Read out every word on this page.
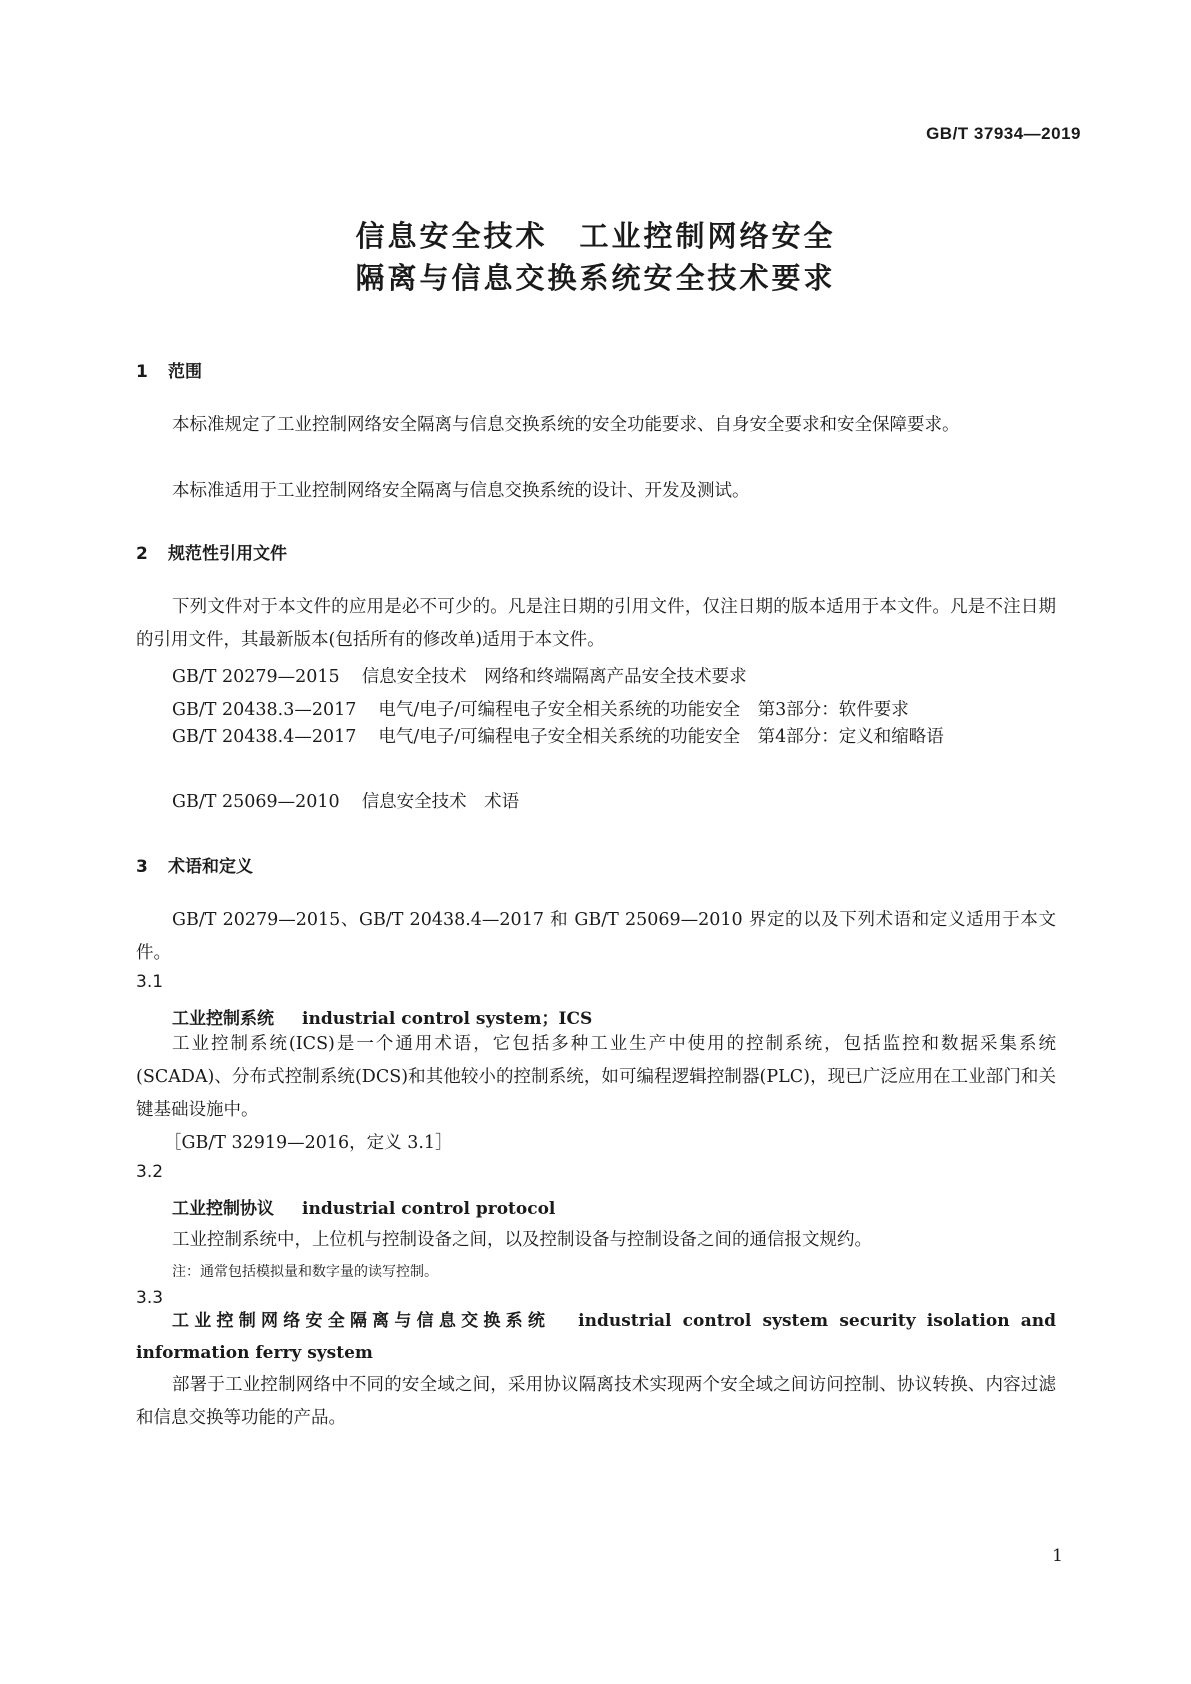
GB/T 37934—2019
信息安全技术　工业控制网络安全
隔离与信息交换系统安全技术要求
1 范围
本标准规定了工业控制网络安全隔离与信息交换系统的安全功能要求、自身安全要求和安全保障要求。
本标准适用于工业控制网络安全隔离与信息交换系统的设计、开发及测试。
2 规范性引用文件
下列文件对于本文件的应用是必不可少的。凡是注日期的引用文件，仅注日期的版本适用于本文件。凡是不注日期的引用文件，其最新版本(包括所有的修改单)适用于本文件。
GB/T 20279—2015 信息安全技术　网络和终端隔离产品安全技术要求
GB/T 20438.3—2017 电气/电子/可编程电子安全相关系统的功能安全　第3部分：软件要求
GB/T 20438.4—2017 电气/电子/可编程电子安全相关系统的功能安全　第4部分：定义和缩略语
GB/T 25069—2010 信息安全技术　术语
3 术语和定义
GB/T 20279—2015、GB/T 20438.4—2017 和 GB/T 25069—2010 界定的以及下列术语和定义适用于本文件。
3.1
工业控制系统 industrial control system；ICS
工业控制系统(ICS)是一个通用术语，它包括多种工业生产中使用的控制系统，包括监控和数据采集系统(SCADA)、分布式控制系统(DCS)和其他较小的控制系统，如可编程逻辑控制器(PLC)，现已广泛应用在工业部门和关键基础设施中。
［GB/T 32919—2016，定义 3.1］
3.2
工业控制协议 industrial control protocol
工业控制系统中，上位机与控制设备之间，以及控制设备与控制设备之间的通信报文规约。
注：通常包括模拟量和数字量的读写控制。
3.3
工业控制网络安全隔离与信息交换系统 industrial control system security isolation and information ferry system
部署于工业控制网络中不同的安全域之间，采用协议隔离技术实现两个安全域之间访问控制、协议转换、内容过滤和信息交换等功能的产品。
1
